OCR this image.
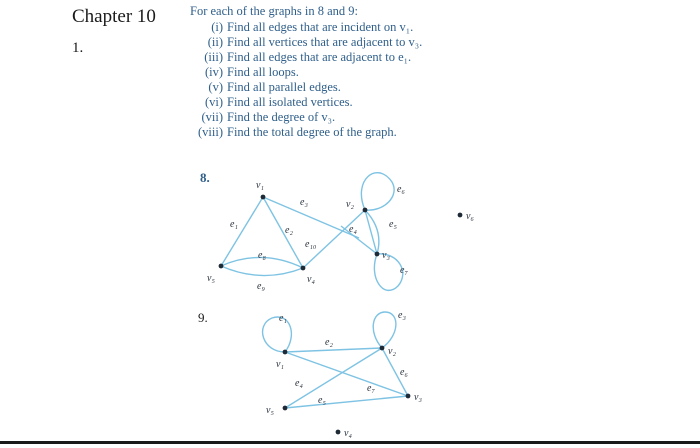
Chapter 10
1.
For each of the graphs in 8 and 9:
(i) Find all edges that are incident on v₁.
(ii) Find all vertices that are adjacent to v₃.
(iii) Find all edges that are adjacent to e₁.
(iv) Find all loops.
(v) Find all parallel edges.
(vi) Find all isolated vertices.
(vii) Find the degree of v₃.
(viii) Find the total degree of the graph.
8.
9.
v₁
v₂
v₃
v₄
v₅
v₆
e₁
e₂
e₃
e₄	e₅
e₆
e₇
e₈
e₉
e₁₀
v₁
v₂
v₃
v₄
v₅
e₁
e₂
e₃
e₄
e₅
e₆
e₇
